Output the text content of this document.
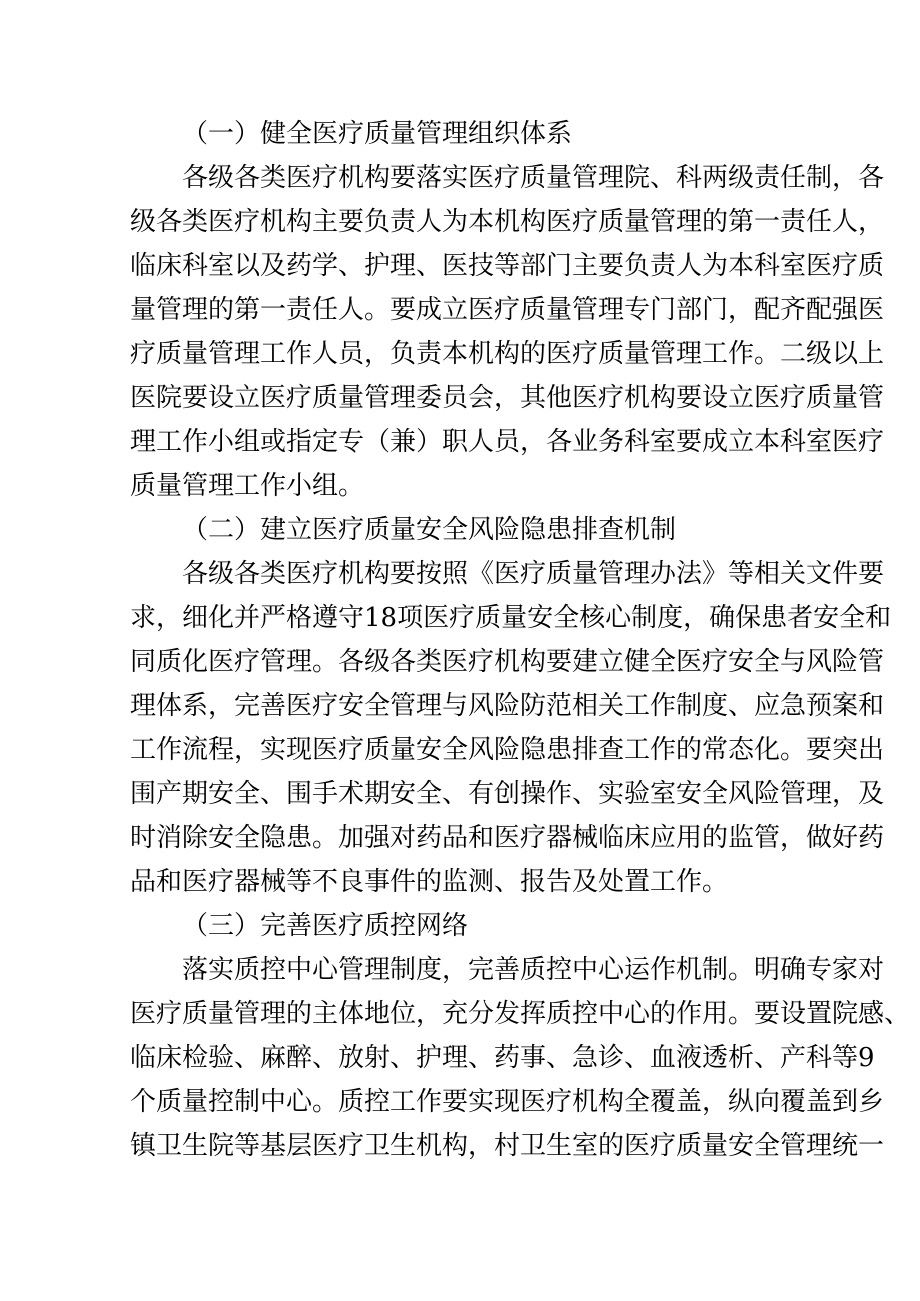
（一）健全医疗质量管理组织体系
各级各类医疗机构要落实医疗质量管理院、科两级责任制，各
级各类医疗机构主要负责人为本机构医疗质量管理的第一责任人，
临床科室以及药学、护理、医技等部门主要负责人为本科室医疗质
量管理的第一责任人。要成立医疗质量管理专门部门，配齐配强医
疗质量管理工作人员，负责本机构的医疗质量管理工作。二级以上
医院要设立医疗质量管理委员会，其他医疗机构要设立医疗质量管
理工作小组或指定专（兼）职人员，各业务科室要成立本科室医疗
质量管理工作小组。
（二）建立医疗质量安全风险隐患排查机制
各级各类医疗机构要按照《医疗质量管理办法》等相关文件要
求，细化并严格遵守18项医疗质量安全核心制度，确保患者安全和
同质化医疗管理。各级各类医疗机构要建立健全医疗安全与风险管
理体系，完善医疗安全管理与风险防范相关工作制度、应急预案和
工作流程，实现医疗质量安全风险隐患排查工作的常态化。要突出
围产期安全、围手术期安全、有创操作、实验室安全风险管理，及
时消除安全隐患。加强对药品和医疗器械临床应用的监管，做好药
品和医疗器械等不良事件的监测、报告及处置工作。
（三）完善医疗质控网络
落实质控中心管理制度，完善质控中心运作机制。明确专家对
医疗质量管理的主体地位，充分发挥质控中心的作用。要设置院感、
临床检验、麻醉、放射、护理、药事、急诊、血液透析、产科等9
个质量控制中心。质控工作要实现医疗机构全覆盖，纵向覆盖到乡
镇卫生院等基层医疗卫生机构，村卫生室的医疗质量安全管理统一
